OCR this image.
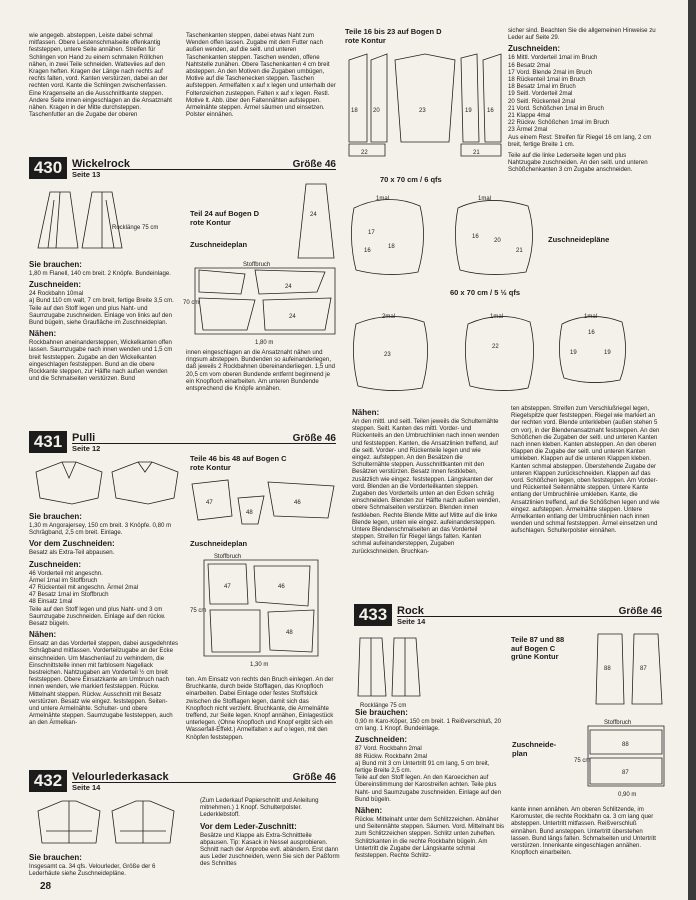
wie angegeb. absteppen, Leiste dabei schmal mitfassen. Obere Leistenschmalseite offenkantig feststeppen, untere Seite annähen. Streifen für Schlingen von Hand zu einem schmalen Röllchen nähen, in zwei Teile schneiden. Watteviies auf den Kragen heften. Kragen der Länge nach rechts auf rechts falten, vord. Kanten verstürzen, dabei an der rechten vord. Kante die Schlingen zwischenfassen. Eine Kragenseite an die Ausschnittkante steppen. Andere Seite innen eingeschlagen an die Ansatznaht nähen. Kragen in der Mitte durchsteppen. Taschenfutter an die Zugabe der oberen

Taschenkanten steppen, dabei etwas Naht zum Wenden offen lassen. Zugabe mit dem Futter nach außen wenden, auf die seitl. und unteren Taschenkanten steppen. Taschen wenden, offene Nahtstelle zunähen. Obere Taschenkanten 4 cm breit absteppen. An den Motiven die Zugaben umbügen, Motive auf die Taschenecken steppen. Taschen aufsteppen. Armelfalten x auf x legen und unterhalb der Foltenzeichen zusteppen. Falten x auf x legen. Restl. Motive lt. Abb. über den Faltennähten aufsteppen. Armelnähte steppen. Ärmel säumen und einsetzen. Polster einnähen.

430 Wickelrock
Seite 13
Größe 46
Rocklänge 75 cm
Teil 24 auf Bogen D
rote Kontur
24
Zuschneideplan
Stoffbruch
24
24
70 cm
1,80 m
Sie brauchen:

1,80 m Flanell, 140 cm breit. 2 Knöpfe. Bundeinlage.

Zuschneiden:

24 Rockbahn 10mal
a) Bund 110 cm walt, 7 cm breit, fertige Breite 3,5 cm.
Teile auf den Stoff legen und plus Naht- und Saumzugabe zuschneiden. Einlage von links auf den Bund bügeln, siehe Graufläche im Zuschneideplan.

Nähen:

Rockbahnen aneinandersteppen, Wickelkanten offen lassen. Saumzugabe nach innen wenden und 1,5 cm breit feststeppen. Zugabe an den Wickelkanten eingeschlagen feststeppen. Bund an die obere Rockkante steppen, zur Hälfte nach außen wenden und die Schmalseiten verstürzen. Bund

innen eingeschlagen an die Ansatznaht nähen und ringsum absteppen. Bundenden so aufeinanderlegen, daß jeweils 2 Rockbahnen übereinanderliegen. 1,5 und 20,5 cm vom oberen Bundende entfernt beginnend je ein Knopfloch einarbeiten. Am unteren Bundende entsprechend die Knöpfe annähen.

431 Pulli
Seite 12
Größe 46
Teile 46 bis 48 auf Bogen C
rote Kontur
47	46
48
Zuschneideplan
Stoffbruch
47	46
48
75 cm
1,30 m
Sie brauchen:

1,30 m Angorajersey, 150 cm breit. 3 Knöpfe. 0,80 m Schrägband, 2,5 cm breit. Einlage.

Vor dem Zuschneiden:

Besatz als Extra-Teil abpausen.

Zuschneiden:

46 Vorderteil mit angeschn.
Ärmel 1mal im Stoffbruch
47 Rückenteil mit angeschn. Ärmel 2mal
47 Besatz 1mal im Stoffbruch
48 Einsatz 1mal
Teile auf den Stoff legen und plus Naht- und 3 cm Saumzugabe zuschneiden. Einlage auf den rückw. Besatz bügeln.

Nähen:

Einsatz an das Vorderteil steppen, dabei ausgedehntes Schrägband mitfassen. Vorderteilzugabe an der Ecke einschneiden. Um Maschenlauf zu verhindern, die Einschnittstelle innen mit farblosem Nagellack bestreichen. Nahtzugaben am Vorderteil ½ cm breit feststeppen. Obere Einsatzkante am Umbruch nach innen wenden, wie markiert feststeppen. Rückw. Mittelnaht steppen. Rückw. Ausschnitt mit Besatz verstürzen. Besatz wie eingez. feststeppen. Seiten- und untere Armelnähte. Schulter- und obere Armelnähte steppen. Saumzugabe feststeppen, auch an den Ärmelkan-

ten. Am Einsatz von rechts den Bruch einlegen. An der Bruchkante, durch beide Stofflagen, das Knopfloch einarbeiten. Dabei Einlage oder festes Stoffstück zwischen die Stofflagen legen, damit sich das Knopfloch nicht verzieht. Bruchkante, die Armelnähte treffend, zur Seite legen. Knopf annähen, Einlagestück unterlegen. (Ohne Knopfloch und Knopf ergibt sich ein Wasserfall-Effekt.) Armelfalten x auf o legen, mit den Knöpfen feststeppen.

432 Velourlederkasack
Seite 14
Größe 46
Sie brauchen:

Insgesamt ca. 34 qfs. Velourleder, Größe der 6 Lederhäute siehe Zuschneidepläne.

(Zum Lederkauf Papierschnitt und Anleitung mitnehmen.) 1 Knopf. Schulterpolster. Lederklebstoff.

Vor dem Leder-Zuschnitt:

Besätze und Klappe als Extra-Schnittteile abpausen. Tip: Kasack in Nessel ausprobieren. Schnitt nach der Anprobe evtl. abändern. Erst dann aus Leder zuschneiden, wenn Sie sich der Paßform des Schnittes

28
Teile 16 bis 23 auf Bogen D
rote Kontur
18	20	23	19	16
21
22

sicher sind. Beachten Sie die allgemeinen Hinweise zu Leder auf Seite 29.

Zuschneiden:

16 Mittl. Vorderteil 1mal im Bruch
16 Besatz 2mal
17 Vord. Blende 2mal im Bruch
18 Rückenteil 1mal im Bruch
18 Besatz 1mal im Bruch
19 Seitl. Vorderteil 2mal
20 Seitl. Rückenteil 2mal
21 Vord. Schößchen 1mal im Bruch
21 Klappe 4mal
22 Rückw. Schößchen 1mal im Bruch
23 Ärmel 2mal
Aus einem Rest: Streifen für Riegel 16 cm lang, 2 cm breit, fertige Breite 1 cm.

Teile auf die linke Lederseite legen und plus Nahtzugabe zuschneiden. An den seitl. und unteren Schößchenkanten 3 cm Zugabe anschneiden.

70 x 70 cm / 6 qfs
1mal	1mal
17
16
18
16
20
21
Zuschneidepläne
60 x 70 cm / 5 ½ qfs
2mal	1mal	1mal
23
22
19	19
16
Nähen:

An den mittl. und seitl. Teilen jeweils die Schulternähte steppen. Seitl. Kanten des mittl. Vorder- und Rückenteils an den Umbruchlinien nach innen wenden und feststeppen. Kanten, die Ansatzlinien treffend, auf die seitl. Vorder- und Rückenteile legen und wie eingez. aufsteppen. An den Besätzen die Schulternähte steppen. Ausschnittkanten mit den Besätzen verstürzen. Besatz innen festkleben, zusätzlich wie eingez. feststeppen. Längskanten der vord. Blenden an die Vorderteilkanten steppen. Zugaben des Vorderteils unten an den Ecken schräg einschneiden. Blenden zur Hälfte nach außen wenden, obere Schmalseiten verstürzen. Blenden innen festkleben. Rechte Blende Mitte auf Mitte auf die linke Blende legen, unten wie eingez. aufeinandersteppen. Untere Blendenschmalseiten an das Vorderteil steppen. Streifen für Riegel längs falten. Kanten schmal aufeinandersteppen, Zugaben zurückschneiden. Bruchkan-

ten absteppen. Streifen zum Verschlußriegel legen, Riegelspitze quer feststeppen. Riegel wie markiert an der rechten vord. Blende unterkleben (außen stehen 5 cm vor), in der Blendenansatznaht feststeppen. An den Schößchen die Zugaben der seitl. und unteren Kanten nach innen kleben. Kanten absteppen. An den oberen Klappen die Zugabe der seitl. und unteren Kanten umkleben. Klappen auf die unteren Klappen kleben. Kanten schmal absteppen. Überstehende Zugabe der unteren Klappen zurückschneiden. Klappen auf das vord. Schößchen legen, oben feststeppen. Am Vorder- und Rückenteil Seitennähte steppen. Untere Kante entlang der Umbruchlinie umkleben. Kante, die Ansatzlinien treffend, auf die Schößchen legen und wie eingez. aufsteppen. Ärmelnähte steppen. Untere Armelkanten entlang der Umbruchlinien nach innen wenden und schmal feststeppen. Ärmel einsetzen und aufschlagen. Schulterpolster einnähen.

433 Rock
Seite 14
Größe 46
Rocklänge 75 cm
Teile 87 und 88
auf Bogen C
grüne Kontur
88	87
Zuschneide-
plan
Stoffbruch
88
87
75 cm
0,90 m
Sie brauchen:

0,90 m Karo-Köper, 150 cm breit. 1 Reißverschluß, 20 cm lang. 1 Knopf. Bundeinlage.

Zuschneiden:

87 Vord. Rockbahn 2mal
88 Rückw. Rockbahn 2mal
a) Bund mit 3 cm Untertritt 91 cm lang, 5 cm breit, fertige Breite 2,5 cm.
Teile auf den Stoff legen. An den Karoecichen auf Übereinstimmung der Karostreifen achten. Teile plus Naht- und Saumzugabe zuschneiden. Einlage auf den Bund bügeln.

Nähen:

Rückw. Mittelnaht unter dem Schlitzzeichen. Abnäher und Seitennähte steppen. Säumen. Vord. Mittelnaht bis zum Schlitzzeichen steppen. Schlitz unten zuheften. Schlitzkanten in die rechte Rockbahn bügeln. Am Untertritt die Zugabe der Längskante schmal feststeppen. Rechte Schlitz-

kante innen annähen. Am oberen Schlitzende, im Karomuster, die rechte Rockbahn ca. 3 cm lang quer absteppen. Untertritt mitfassen. Reißverschluß einnähen. Bund ansteppen. Untertritt überstehen lassen. Bund längs falten. Schmalseiten und Untertritt verstürzen. Innenkante eingeschlagen annähen. Knopfloch einarbeiten.
